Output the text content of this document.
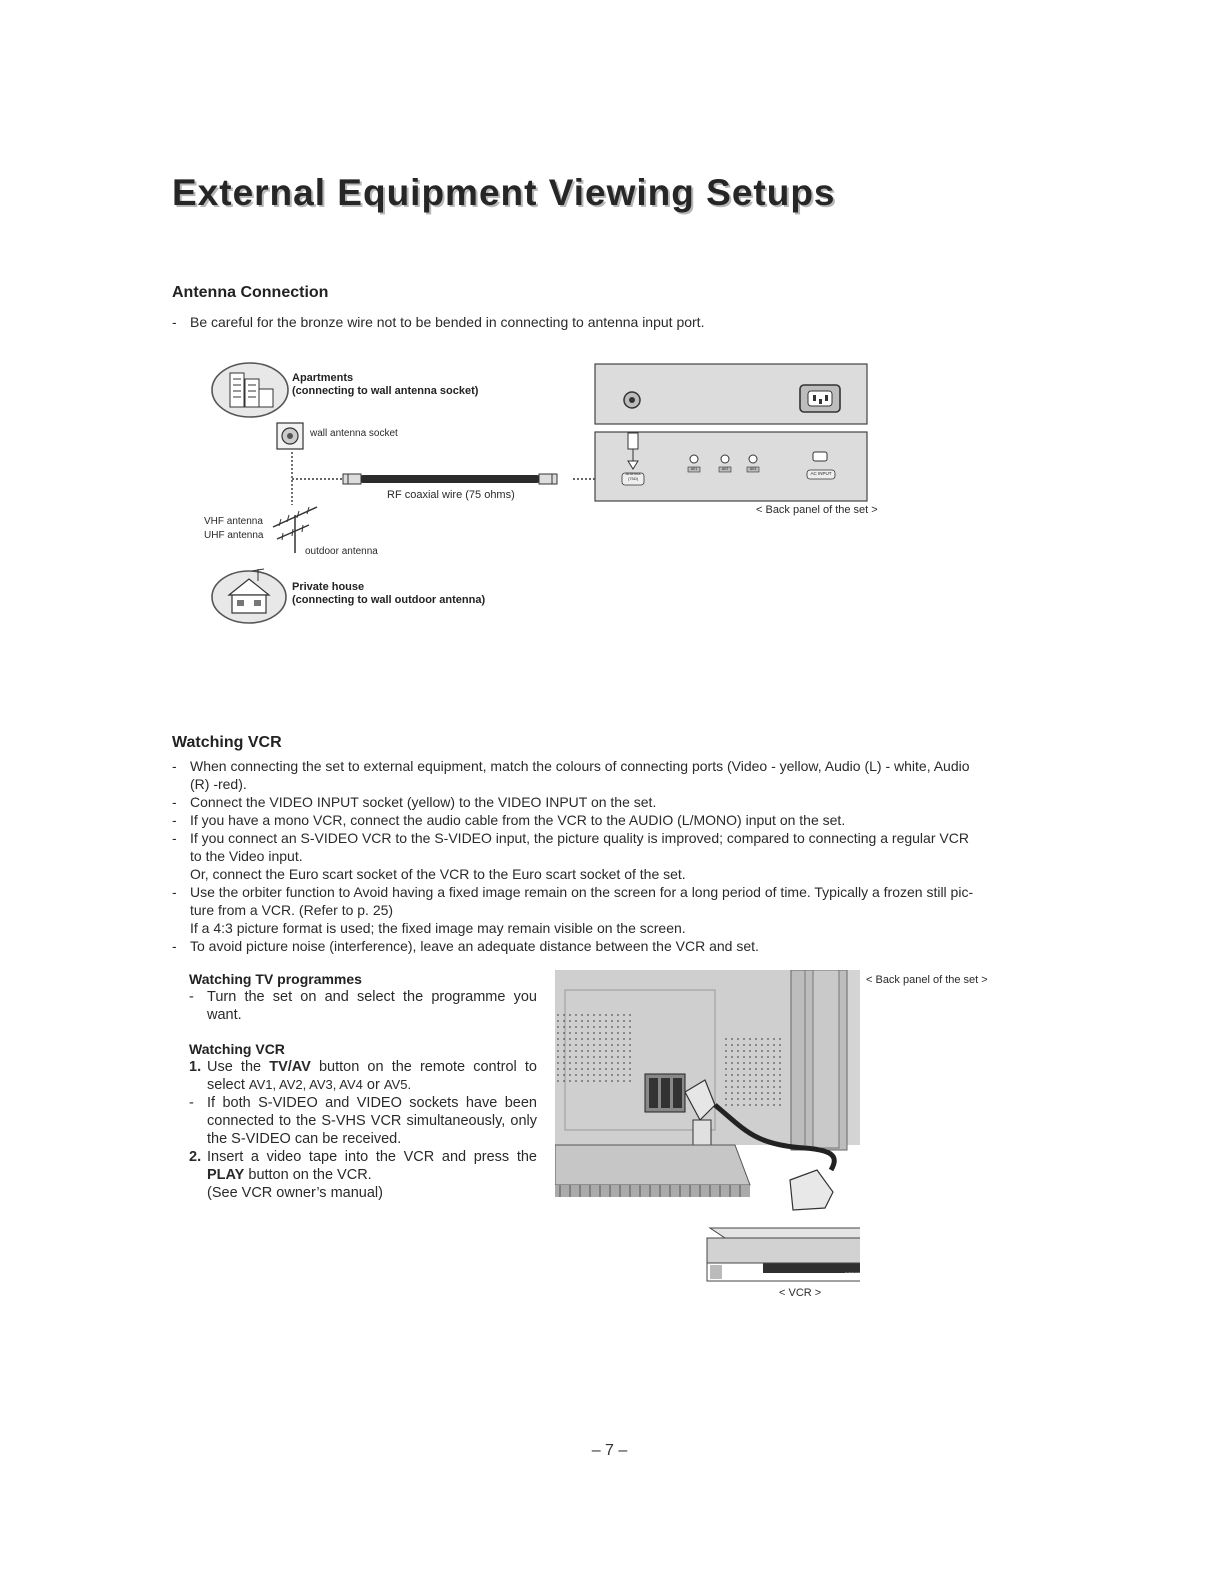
External Equipment Viewing Setups
Antenna Connection

- Be careful for the bronze wire not to be bended in connecting to antenna input port.

Apartments
(connecting to wall antenna socket)
wall antenna socket
RF coaxial wire (75 ohms)
VHF antenna
UHF antenna
outdoor antenna
Private house
(connecting to wall outdoor antenna)
< Back panel of the set >
Antenna
(75Ω)
AC INPUT
AV1	AV2	AV3
Watching VCR
- When connecting the set to external equipment, match the colours of connecting ports (Video - yellow, Audio (L) - white, Audio
(R) -red).
- Connect the VIDEO INPUT socket (yellow) to the VIDEO INPUT on the set.
- If you have a mono VCR, connect the audio cable from the VCR to the AUDIO (L/MONO) input on the set.
- If you connect an S-VIDEO VCR to the S-VIDEO input, the picture quality is improved; compared to connecting a regular VCR
to the Video input.
Or, connect the Euro scart socket of the VCR to the Euro scart socket of the set.
- Use the orbiter function to Avoid having a fixed image remain on the screen for a long period of time. Typically a frozen still pic-
ture from a VCR. (Refer to p. 25)
If a 4:3 picture format is used; the fixed image may remain visible on the screen.
- To avoid picture noise (interference), leave an adequate distance between the VCR and set.

Watching TV programmes

- Turn the set on and select the programme you want.

Watching VCR

1. Use the TV/AV button on the remote control to select AV1, AV2, AV3, AV4 or AV5.
- If both S-VIDEO and VIDEO sockets have been connected to the S-VHS VCR simultaneously, only the S-VIDEO can be received.
2. Insert a video tape into the VCR and press the PLAY button on the VCR.
(See VCR owner’s manual)
DIRECT
< Back panel of the set >
< VCR >
– 7 –
